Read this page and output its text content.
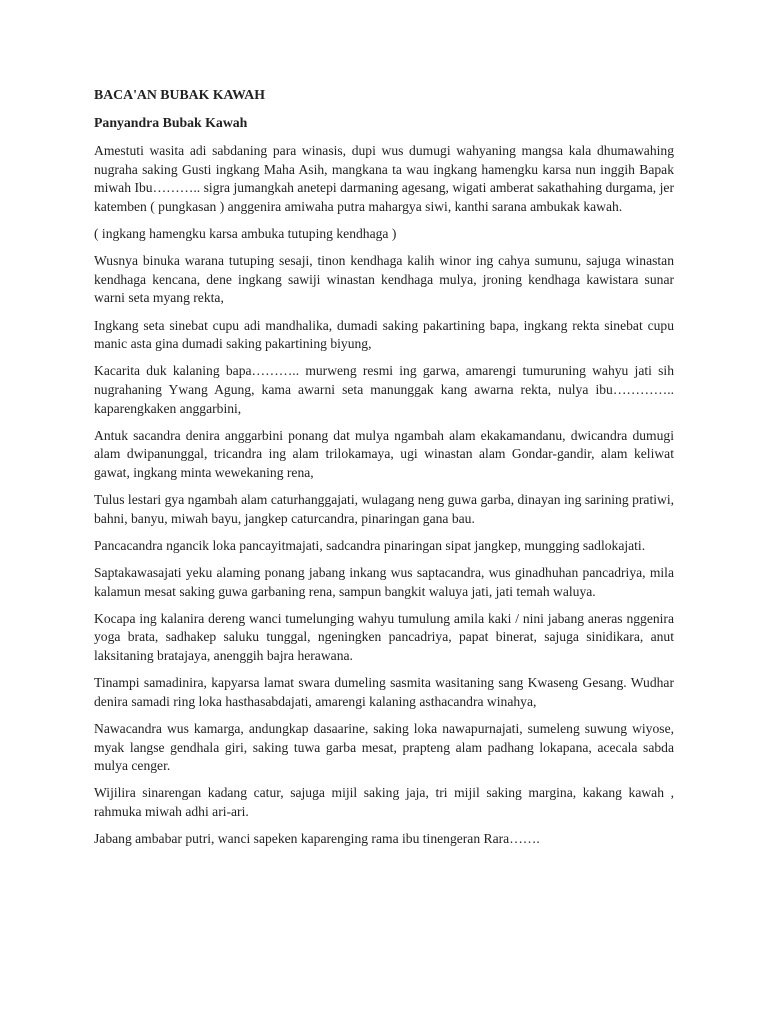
BACA'AN BUBAK KAWAH
Panyandra Bubak Kawah

Amestuti wasita adi sabdaning para winasis, dupi wus dumugi wahyaning mangsa kala dhumawahing nugraha saking Gusti ingkang Maha Asih, mangkana ta wau ingkang hamengku karsa nun inggih Bapak miwah Ibu……….. sigra jumangkah anetepi darmaning agesang, wigati amberat sakathahing durgama, jer katemben ( pungkasan ) anggenira amiwaha putra mahargya siwi, kanthi sarana ambukak kawah.

( ingkang hamengku karsa ambuka tutuping kendhaga )

Wusnya binuka warana tutuping sesaji, tinon kendhaga kalih winor ing cahya sumunu, sajuga winastan kendhaga kencana, dene ingkang sawiji winastan kendhaga mulya, jroning kendhaga kawistara sunar warni seta myang rekta,

Ingkang seta sinebat cupu adi mandhalika, dumadi saking pakartining bapa, ingkang rekta sinebat cupu manic asta gina dumadi saking pakartining biyung,

Kacarita duk kalaning bapa……….. murweng resmi ing garwa, amarengi tumuruning wahyu jati sih nugrahaning Ywang Agung, kama awarni seta manunggak kang awarna rekta, nulya ibu………….. kaparengkaken anggarbini,

Antuk sacandra denira anggarbini ponang dat mulya ngambah alam ekakamandanu, dwicandra dumugi alam dwipanunggal, tricandra ing alam trilokamaya, ugi winastan alam Gondar-gandir, alam keliwat gawat, ingkang minta wewekaning rena,

Tulus lestari gya ngambah alam caturhanggajati, wulagang neng guwa garba, dinayan ing sarining pratiwi, bahni, banyu, miwah bayu, jangkep caturcandra, pinaringan gana bau.

Pancacandra ngancik loka pancayitmajati, sadcandra pinaringan sipat jangkep, mungging sadlokajati.

Saptakawasajati yeku alaming ponang jabang inkang wus saptacandra, wus ginadhuhan pancadriya, mila kalamun mesat saking guwa garbaning rena, sampun bangkit waluya jati, jati temah waluya.

Kocapa ing kalanira dereng wanci tumelunging wahyu tumulung amila kaki / nini jabang aneras nggenira yoga brata, sadhakep saluku tunggal, ngeningken pancadriya, papat binerat, sajuga sinidikara, anut laksitaning bratajaya, anenggih bajra herawana.

Tinampi samadinira, kapyarsa lamat swara dumeling sasmita wasitaning sang Kwaseng Gesang. Wudhar denira samadi ring loka hasthasabdajati, amarengi kalaning asthacandra winahya,

Nawacandra wus kamarga, andungkap dasaarine, saking loka nawapurnajati, sumeleng suwung wiyose, myak langse gendhala giri, saking tuwa garba mesat, prapteng alam padhang lokapana, acecala sabda mulya cenger.

Wijilira sinarengan kadang catur, sajuga mijil saking jaja, tri mijil saking margina, kakang kawah , rahmuka miwah adhi ari-ari.

Jabang ambabar putri, wanci sapeken kaparenging rama ibu tinengeran Rara…….
